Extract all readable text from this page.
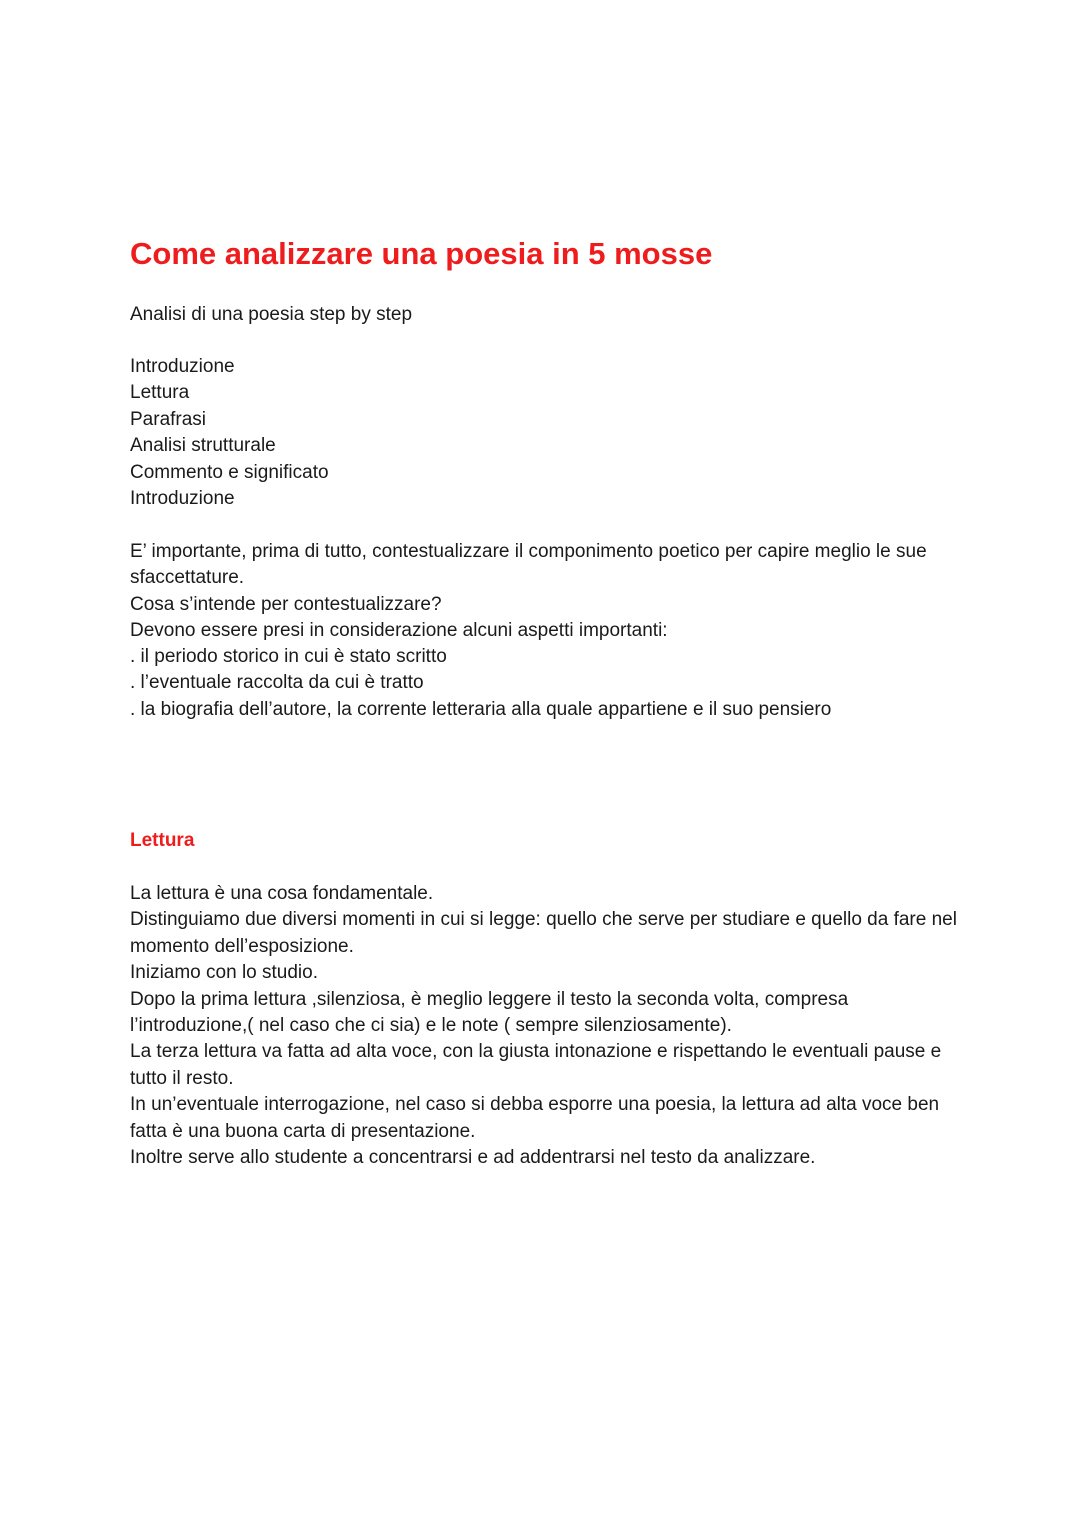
Come analizzare una poesia in 5 mosse

Analisi di una poesia step by step

Introduzione
Lettura
Parafrasi
Analisi strutturale
Commento e significato
Introduzione

E’ importante, prima di tutto, contestualizzare il componimento poetico per capire meglio le sue sfaccettature.

Cosa s’intende per contestualizzare?

Devono essere presi in considerazione alcuni aspetti importanti:

. il periodo storico in cui è stato scritto
. l’eventuale raccolta da cui è tratto
. la biografia dell’autore, la corrente letteraria alla quale appartiene e il suo pensiero
Lettura

La lettura è una cosa fondamentale.

Distinguiamo due diversi momenti in cui si legge: quello che serve per studiare e quello da fare nel momento dell’esposizione.

Iniziamo con lo studio.

Dopo la prima lettura ,silenziosa, è meglio leggere il testo la seconda volta, compresa l’introduzione,( nel caso che ci sia) e le note ( sempre silenziosamente).

La terza lettura va fatta ad alta voce, con la giusta intonazione e rispettando le eventuali pause e tutto il resto.

In un’eventuale interrogazione, nel caso si debba esporre una poesia, la lettura ad alta voce ben fatta è una buona carta di presentazione.

Inoltre serve allo studente a concentrarsi e ad addentrarsi nel testo da analizzare.
